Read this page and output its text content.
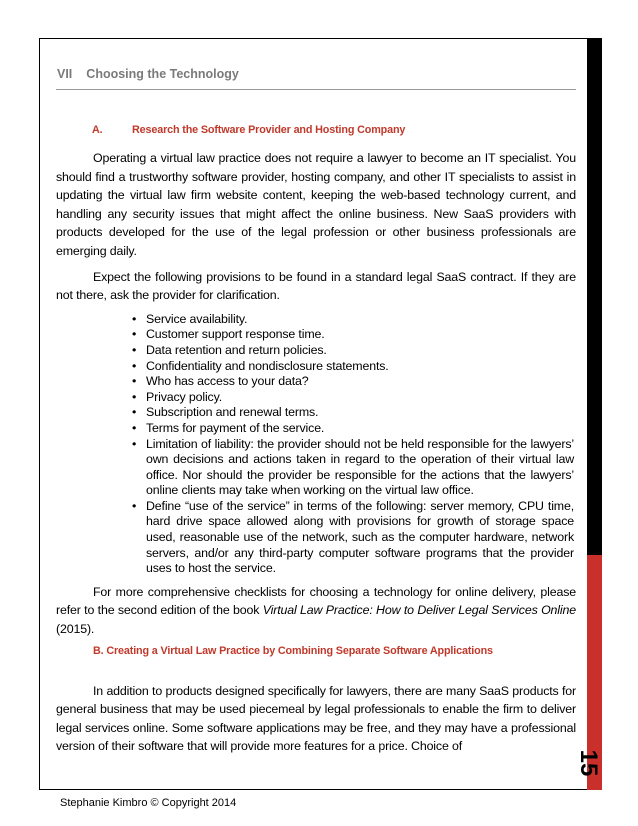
15
VII Choosing the Technology
A.	Research the Software Provider and Hosting Company

Operating a virtual law practice does not require a lawyer to become an IT specialist. You should find a trustworthy software provider, hosting company, and other IT specialists to assist in updating the virtual law firm website content, keeping the web-based technology current, and handling any security issues that might affect the online business. New SaaS providers with products developed for the use of the legal profession or other business professionals are emerging daily.

Expect the following provisions to be found in a standard legal SaaS contract. If they are not there, ask the provider for clarification.

• Service availability.
• Customer support response time.
• Data retention and return policies.
• Confidentiality and nondisclosure statements.
• Who has access to your data?
• Privacy policy.
• Subscription and renewal terms.
• Terms for payment of the service.
• Limitation of liability: the provider should not be held responsible for the lawyers’ own decisions and actions taken in regard to the operation of their virtual law office. Nor should the provider be responsible for the actions that the lawyers’ online clients may take when working on the virtual law office.
• Define “use of the service” in terms of the following: server memory, CPU time, hard drive space allowed along with provisions for growth of storage space used, reasonable use of the network, such as the computer hardware, network servers, and/or any third-party computer software programs that the provider uses to host the service.

For more comprehensive checklists for choosing a technology for online delivery, please refer to the second edition of the book Virtual Law Practice: How to Deliver Legal Services Online (2015).

B. Creating a Virtual Law Practice by Combining Separate Software Applications

In addition to products designed specifically for lawyers, there are many SaaS products for general business that may be used piecemeal by legal professionals to enable the firm to deliver legal services online. Some software applications may be free, and they may have a professional version of their software that will provide more features for a price. Choice of

Stephanie Kimbro © Copyright 2014
